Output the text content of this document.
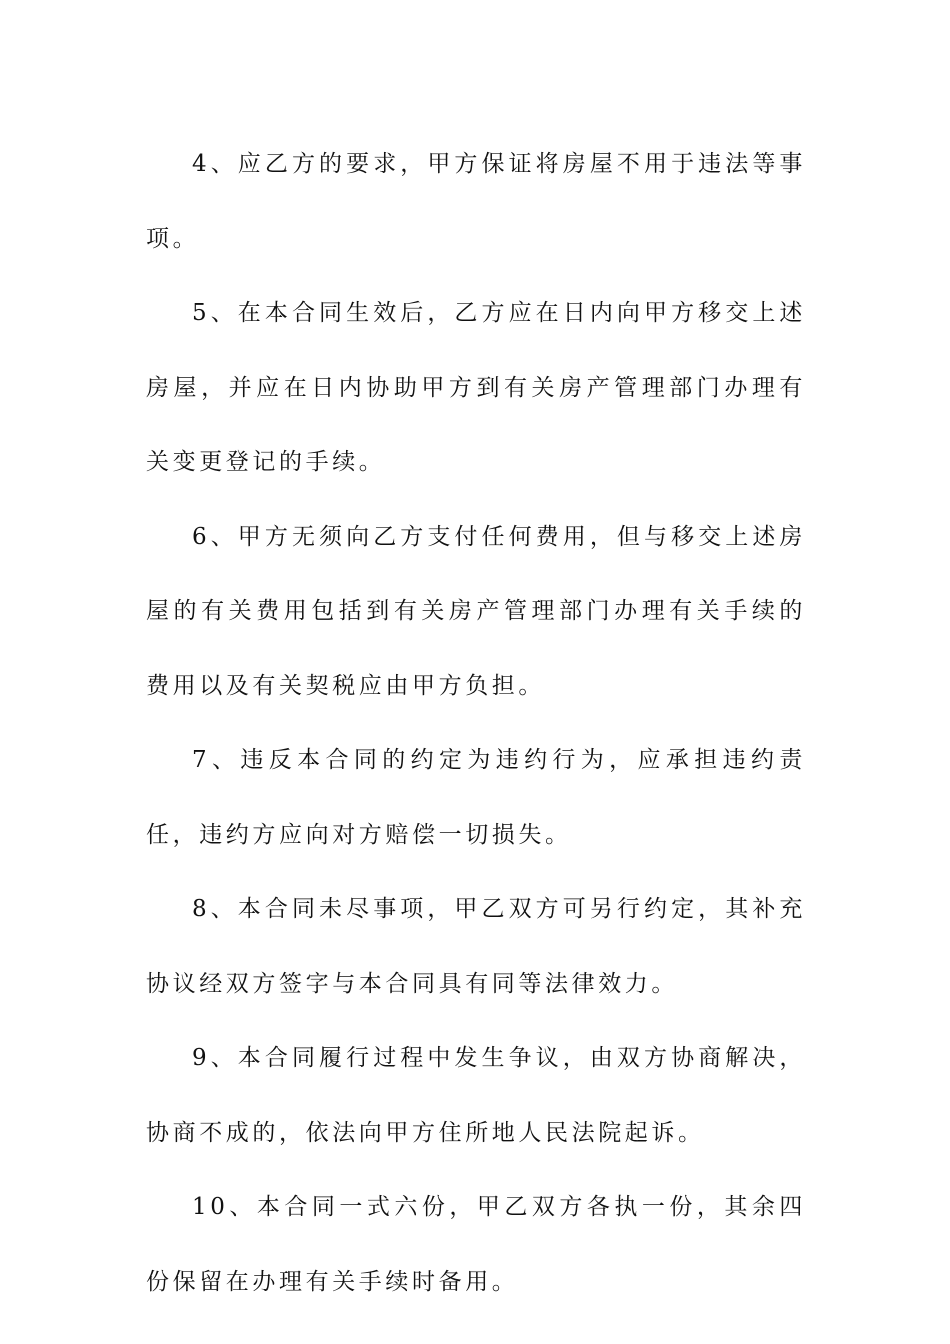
4、应乙方的要求，甲方保证将房屋不用于违法等事项。

5、在本合同生效后，乙方应在日内向甲方移交上述房屋，并应在日内协助甲方到有关房产管理部门办理有关变更登记的手续。

6、甲方无须向乙方支付任何费用，但与移交上述房屋的有关费用包括到有关房产管理部门办理有关手续的费用以及有关契税应由甲方负担。

7、违反本合同的约定为违约行为，应承担违约责任，违约方应向对方赔偿一切损失。

8、本合同未尽事项，甲乙双方可另行约定，其补充协议经双方签字与本合同具有同等法律效力。

9、本合同履行过程中发生争议，由双方协商解决，协商不成的，依法向甲方住所地人民法院起诉。

10、本合同一式六份，甲乙双方各执一份，其余四份保留在办理有关手续时备用。
